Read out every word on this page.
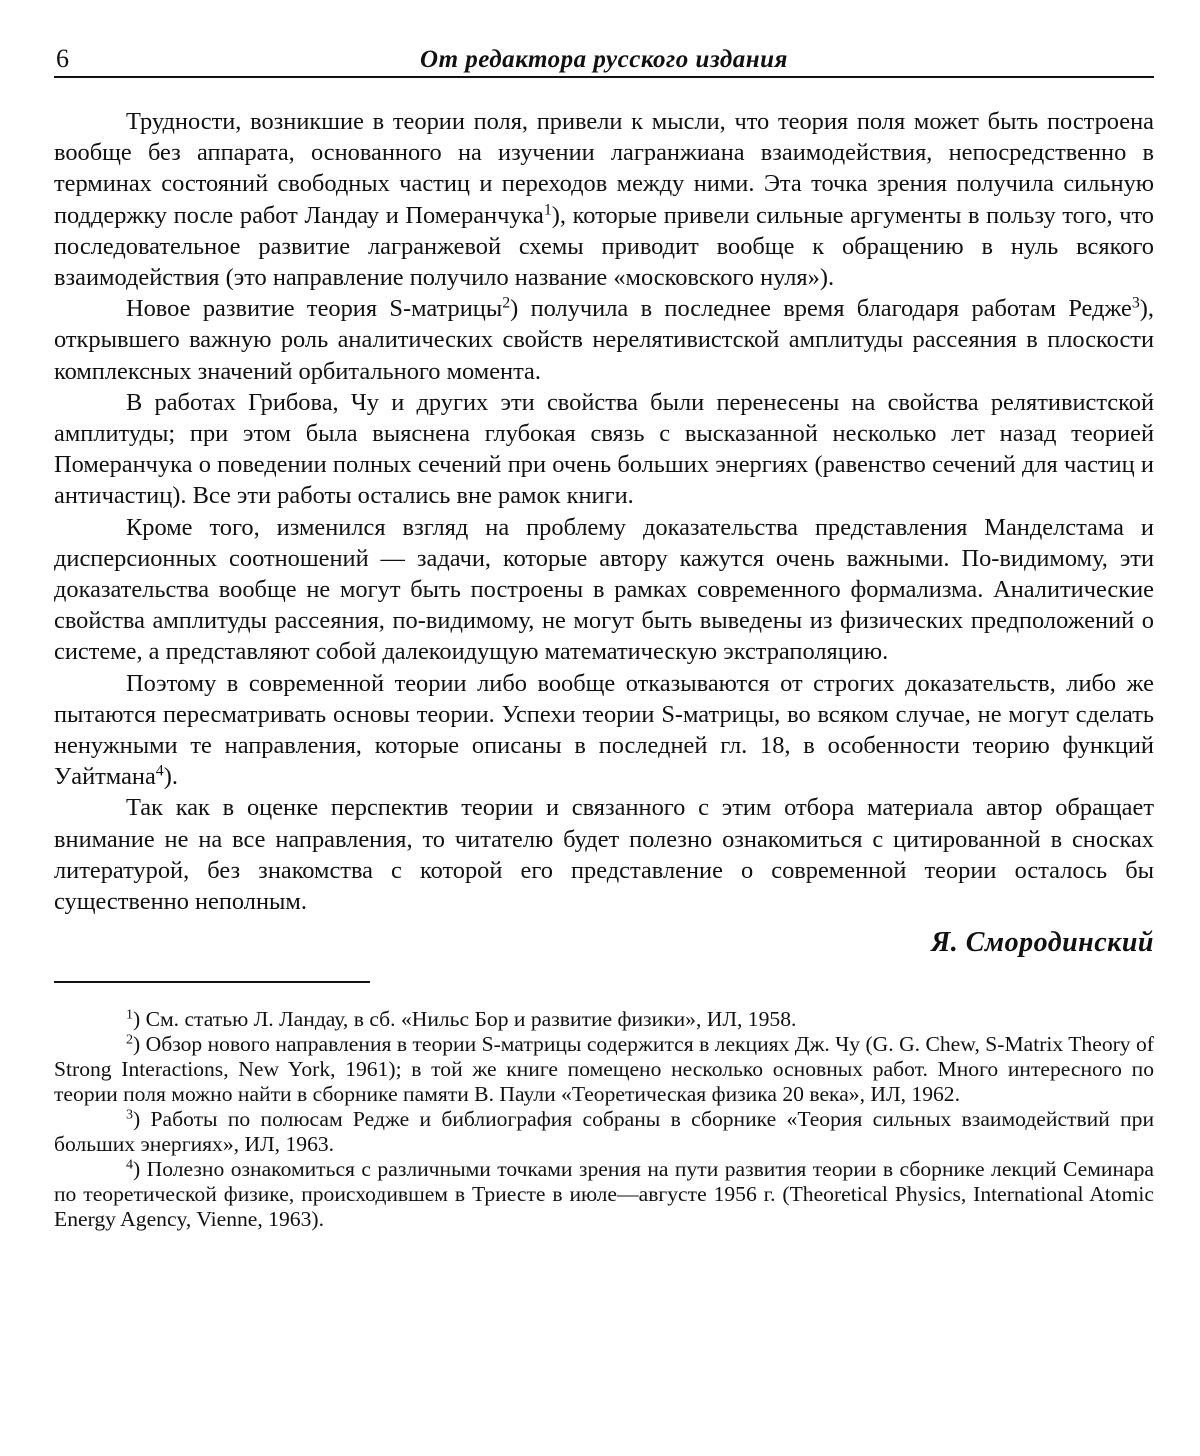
6	От редактора русского издания

Трудности, возникшие в теории поля, привели к мысли, что теория поля может быть построена вообще без аппарата, основанного на изучении лагранжиана взаимодействия, непосредственно в терминах состояний свободных частиц и переходов между ними. Эта точка зрения получила сильную поддержку после работ Ландау и Померанчука$^1$), которые привели сильные аргументы в пользу того, что последовательное развитие лагранжевой схемы приводит вообще к обращению в нуль всякого взаимодействия (это направление получило название «московского нуля»).

Новое развитие теория S-матрицы$^2$) получила в последнее время благодаря работам Редже$^3$), открывшего важную роль аналитических свойств нерелятивистской амплитуды рассеяния в плоскости комплексных значений орбитального момента.

В работах Грибова, Чу и других эти свойства были перенесены на свойства релятивистской амплитуды; при этом была выяснена глубокая связь с высказанной несколько лет назад теорией Померанчука о поведении полных сечений при очень больших энергиях (равенство сечений для частиц и античастиц). Все эти работы остались вне рамок книги.

Кроме того, изменился взгляд на проблему доказательства представления Манделстама и дисперсионных соотношений — задачи, которые автору кажутся очень важными. По-видимому, эти доказательства вообще не могут быть построены в рамках современного формализма. Аналитические свойства амплитуды рассеяния, по-видимому, не могут быть выведены из физических предположений о системе, а представляют собой далекоидущую математическую экстраполяцию.

Поэтому в современной теории либо вообще отказываются от строгих доказательств, либо же пытаются пересматривать основы теории. Успехи теории S-матрицы, во всяком случае, не могут сделать ненужными те направления, которые описаны в последней гл. 18, в особенности теорию функций Уайтмана$^4$).

Так как в оценке перспектив теории и связанного с этим отбора материала автор обращает внимание не на все направления, то читателю будет полезно ознакомиться с цитированной в сносках литературой, без знакомства с которой его представление о современной теории осталось бы существенно неполным.

Я. Смородинский

$^1$) См. статью Л. Ландау, в сб. «Нильс Бор и развитие физики», ИЛ, 1958.

$^2$) Обзор нового направления в теории S-матрицы содержится в лекциях Дж. Чу (G. G. Chew, S-Matrix Theory of Strong Interactions, New York, 1961); в той же книге помещено несколько основных работ. Много интересного по теории поля можно найти в сборнике памяти В. Паули «Теоретическая физика 20 века», ИЛ, 1962.

$^3$) Работы по полюсам Редже и библиография собраны в сборнике «Теория сильных взаимодействий при больших энергиях», ИЛ, 1963.

$^4$) Полезно ознакомиться с различными точками зрения на пути развития теории в сборнике лекций Семинара по теоретической физике, происходившем в Триесте в июле—августе 1956 г. (Theoretical Physics, International Atomic Energy Agency, Vienne, 1963).
